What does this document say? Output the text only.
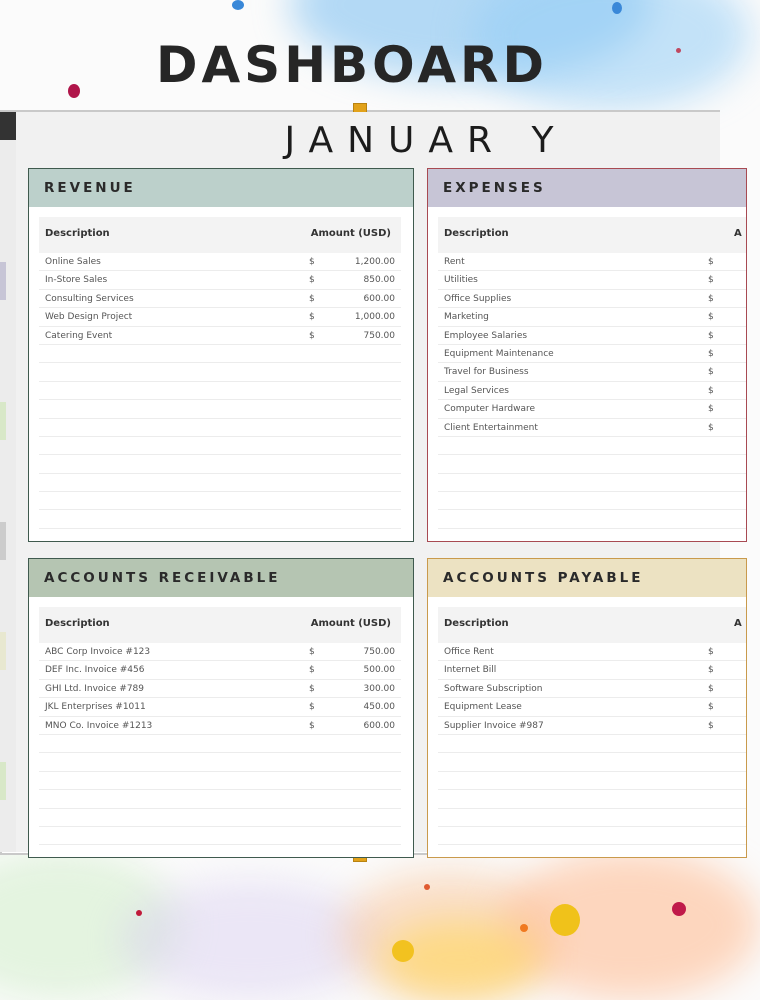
DASHBOARD
JANUAR Y
REVENUE
Description	Amount (USD)
Online Sales	$	1,200.00
In-Store Sales	$	850.00
Consulting Services	$	600.00
Web Design Project	$	1,000.00
Catering Event	$	750.00
EXPENSES
Description	A
Rent	$
Utilities	$
Office Supplies	$
Marketing	$
Employee Salaries	$
Equipment Maintenance	$
Travel for Business	$
Legal Services	$
Computer Hardware	$
Client Entertainment	$
ACCOUNTS RECEIVABLE
Description	Amount (USD)
ABC Corp Invoice #123	$	750.00
DEF Inc. Invoice #456	$	500.00
GHI Ltd. Invoice #789	$	300.00
JKL Enterprises #1011	$	450.00
MNO Co. Invoice #1213	$	600.00
ACCOUNTS PAYABLE
Description	A
Office Rent	$
Internet Bill	$
Software Subscription	$
Equipment Lease	$
Supplier Invoice #987	$
